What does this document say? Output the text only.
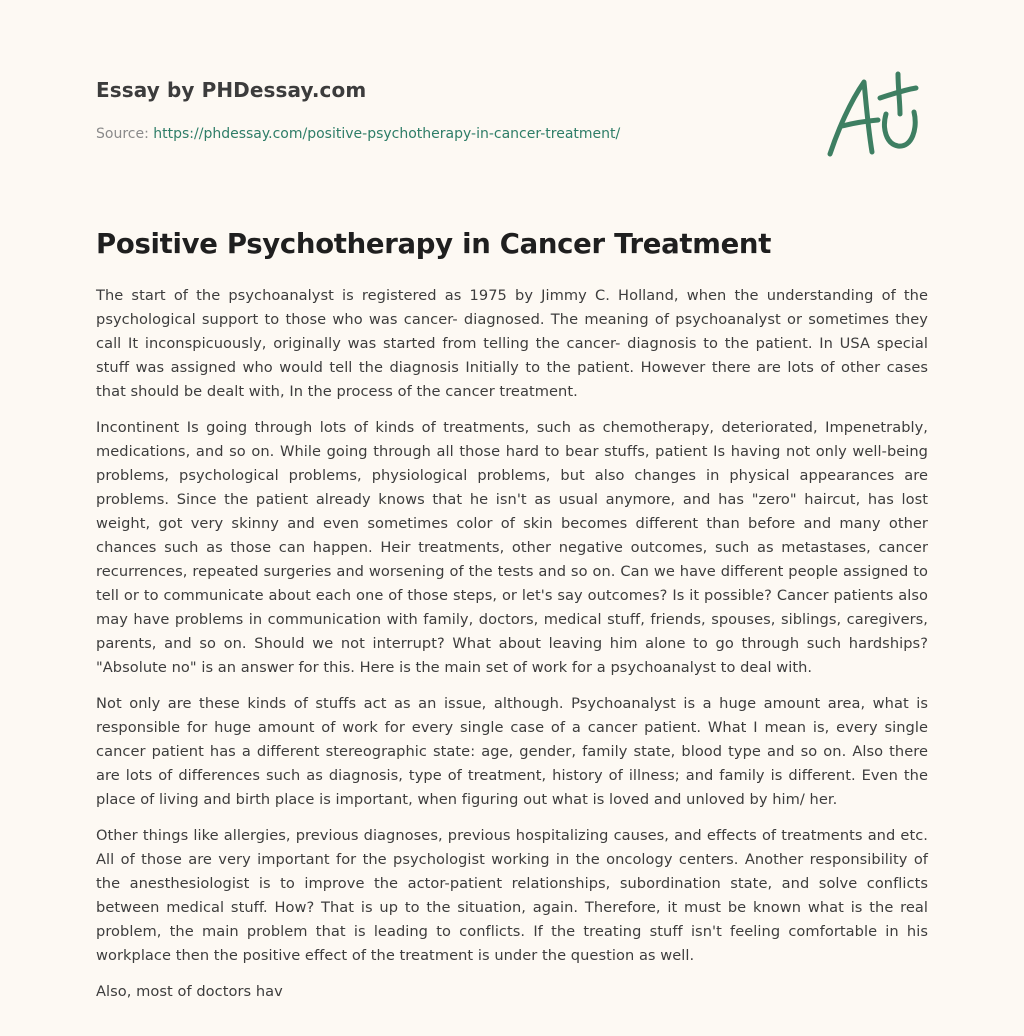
Essay by PHDessay.com
Source: https://phdessay.com/positive-psychotherapy-in-cancer-treatment/
Positive Psychotherapy in Cancer Treatment

The start of the psychoanalyst is registered as 1975 by Jimmy C. Holland, when the understanding of the psychological support to those who was cancer- diagnosed. The meaning of psychoanalyst or sometimes they call It inconspicuously, originally was started from telling the cancer- diagnosis to the patient. In USA special stuff was assigned who would tell the diagnosis Initially to the patient. However there are lots of other cases that should be dealt with, In the process of the cancer treatment.

Incontinent Is going through lots of kinds of treatments, such as chemotherapy, deteriorated, Impenetrably, medications, and so on. While going through all those hard to bear stuffs, patient Is having not only well-being problems, psychological problems, physiological problems, but also changes in physical appearances are problems. Since the patient already knows that he isn't as usual anymore, and has "zero" haircut, has lost weight, got very skinny and even sometimes color of skin becomes different than before and many other chances such as those can happen. Heir treatments, other negative outcomes, such as metastases, cancer recurrences, repeated surgeries and worsening of the tests and so on. Can we have different people assigned to tell or to communicate about each one of those steps, or let's say outcomes? Is it possible? Cancer patients also may have problems in communication with family, doctors, medical stuff, friends, spouses, siblings, caregivers, parents, and so on. Should we not interrupt? What about leaving him alone to go through such hardships? "Absolute no" is an answer for this. Here is the main set of work for a psychoanalyst to deal with.

Not only are these kinds of stuffs act as an issue, although. Psychoanalyst is a huge amount area, what is responsible for huge amount of work for every single case of a cancer patient. What I mean is, every single cancer patient has a different stereographic state: age, gender, family state, blood type and so on. Also there are lots of differences such as diagnosis, type of treatment, history of illness; and family is different. Even the place of living and birth place is important, when figuring out what is loved and unloved by him/ her.

Other things like allergies, previous diagnoses, previous hospitalizing causes, and effects of treatments and etc. All of those are very important for the psychologist working in the oncology centers. Another responsibility of the anesthesiologist is to improve the actor-patient relationships, subordination state, and solve conflicts between medical stuff. How? That is up to the situation, again. Therefore, it must be known what is the real problem, the main problem that is leading to conflicts. If the treating stuff isn't feeling comfortable in his workplace then the positive effect of the treatment is under the question as well.

Also, most of doctors hav
